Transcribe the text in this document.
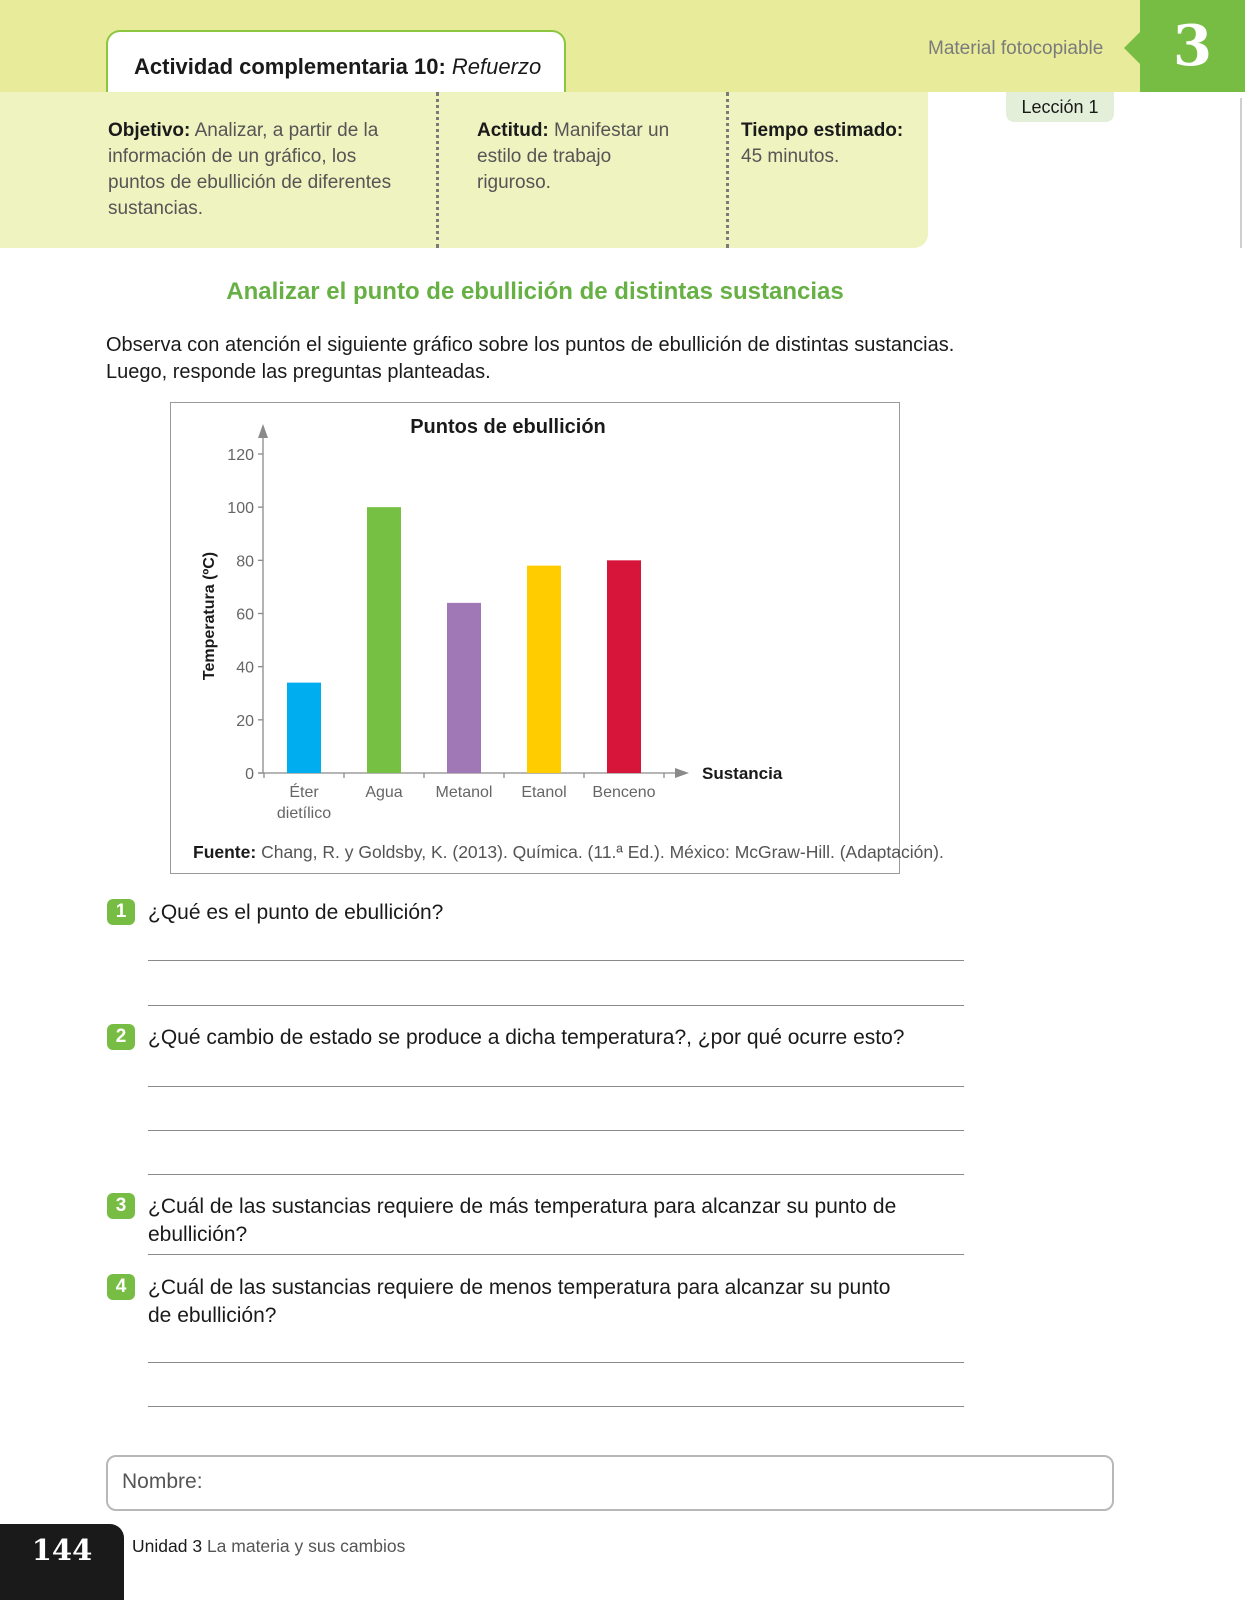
Actividad complementaria 10: Refuerzo
Material fotocopiable	3
Lección 1
Objetivo: Analizar, a partir de la información de un gráfico, los puntos de ebullición de diferentes sustancias.
Actitud: Manifestar un estilo de trabajo riguroso.
Tiempo estimado:
45 minutos.
Analizar el punto de ebullición de distintas sustancias
Observa con atención el siguiente gráfico sobre los puntos de ebullición de distintas sustancias.
Luego, responde las preguntas planteadas.
Puntos de ebullición
0
20
40
60
80
100
120
Temperatura (ºC)
Sustancia
Éter
dietílico
Agua Metanol Etanol Benceno
Fuente: Chang, R. y Goldsby, K. (2013). Química. (11.ª Ed.). México: McGraw-Hill. (Adaptación).
1	¿Qué es el punto de ebullición?
2	¿Qué cambio de estado se produce a dicha temperatura?, ¿por qué ocurre esto?
3	¿Cuál de las sustancias requiere de más temperatura para alcanzar su punto de ebullición?
4	¿Cuál de las sustancias requiere de menos temperatura para alcanzar su punto
de ebullición?
Nombre:
144	Unidad 3 La materia y sus cambios
